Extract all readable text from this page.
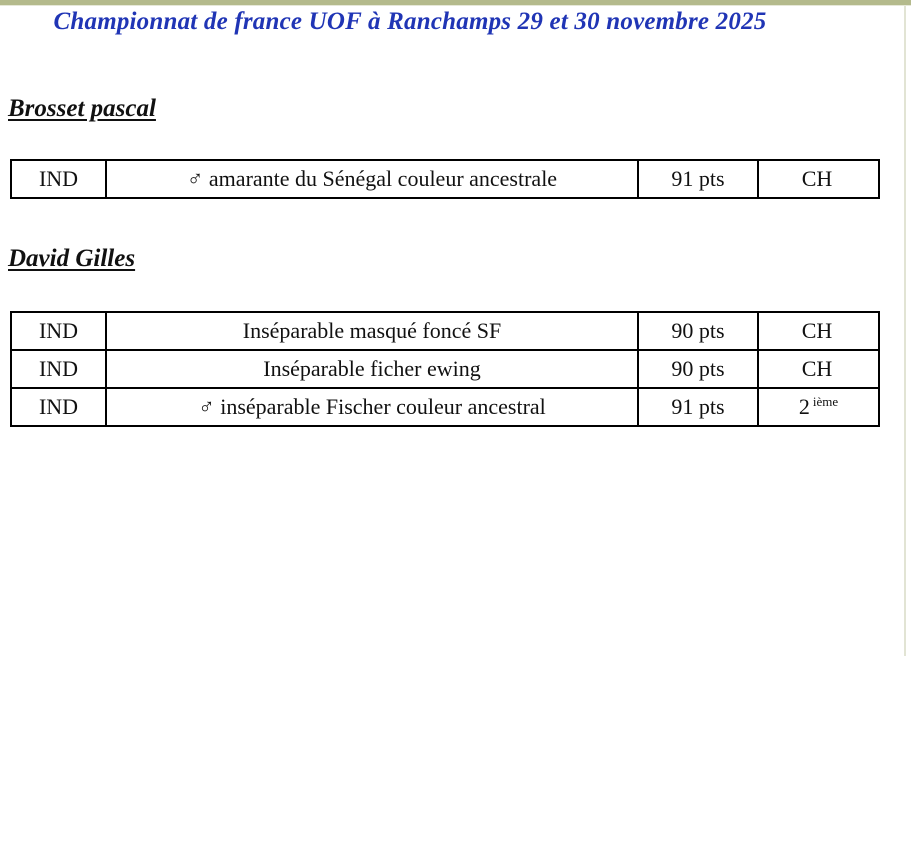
Championnat de france UOF à Ranchamps 29 et 30 novembre 2025
Brosset pascal
IND	♂ amarante du Sénégal couleur ancestrale	91 pts	CH
David Gilles
IND	Inséparable masqué foncé SF	90 pts	CH
IND	Inséparable ficher ewing	90 pts	CH
IND	♂ inséparable Fischer couleur ancestral	91 pts	2 $^{ième}$
